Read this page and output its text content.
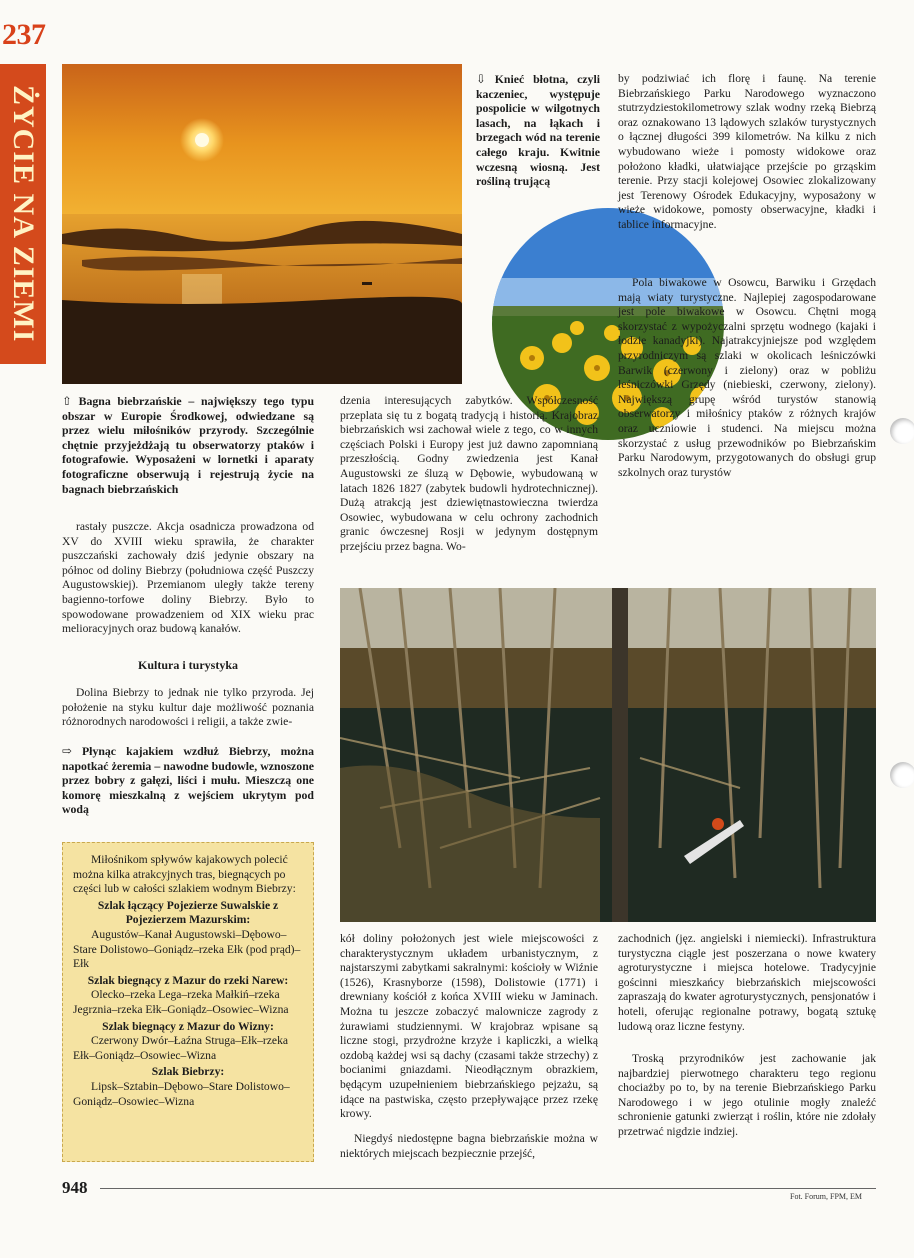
237
ŻYCIE NA ZIEMI
⇩ Knieć błotna, czyli kaczeniec, występuje pospolicie w wilgotnych lasach, na łąkach i brzegach wód na terenie całego kraju. Kwitnie wczesną wiosną. Jest rośliną trującą
⇧ Bagna biebrzańskie – największy tego typu obszar w Europie Środkowej, odwiedzane są przez wielu miłośników przyrody. Szczególnie chętnie przyjeżdżają tu obserwatorzy ptaków i fotografowie. Wyposażeni w lornetki i aparaty fotograficzne obserwują i rejestrują życie na bagnach biebrzańskich
rastały puszcze. Akcja osadnicza prowadzona od XV do XVIII wieku sprawiła, że charakter puszczański zachowały dziś jedynie obszary na północ od doliny Biebrzy (południowa część Puszczy Augustowskiej). Przemianom uległy także tereny bagienno-torfowe doliny Biebrzy. Było to spowodowane prowadzeniem od XIX wieku prac melioracyjnych oraz budową kanałów.
Kultura i turystyka
Dolina Biebrzy to jednak nie tylko przyroda. Jej położenie na styku kultur daje możliwość poznania różnorodnych narodowości i religii, a także zwie-
⇨ Płynąc kajakiem wzdłuż Biebrzy, można napotkać żeremia – nawodne budowle, wznoszone przez bobry z gałęzi, liści i mułu. Mieszczą one komorę mieszkalną z wejściem ukrytym pod wodą
dzenia interesujących zabytków. Współczesność przeplata się tu z bogatą tradycją i historią. Krajobraz biebrzańskich wsi zachował wiele z tego, co w innych częściach Polski i Europy jest już dawno zapomnianą przeszłością. Godny zwiedzenia jest Kanał Augustowski ze śluzą w Dębowie, wybudowaną w latach 1826 1827 (zabytek budowli hydrotechnicznej). Dużą atrakcją jest dziewiętnastowieczna twierdza Osowiec, wybudowana w celu ochrony zachodnich granic ówczesnej Rosji w jedynym dostępnym przejściu przez bagna. Wo-
by podziwiać ich florę i faunę. Na terenie Biebrzańskiego Parku Narodowego wyznaczono stutrzydziestokilometrowy szlak wodny rzeką Biebrzą oraz oznakowano 13 lądowych szlaków turystycznych o łącznej długości 399 kilometrów. Na kilku z nich wybudowano wieże i pomosty widokowe oraz położono kładki, ułatwiające przejście po grząskim terenie. Przy stacji kolejowej Osowiec zlokalizowany jest Terenowy Ośrodek Edukacyjny, wyposażony w wieże widokowe, pomosty obserwacyjne, kładki i tablice informacyjne.
Pola biwakowe w Osowcu, Barwiku i Grzędach mają wiaty turystyczne. Najlepiej zagospodarowane jest pole biwakowe w Osowcu. Chętni mogą skorzystać z wypożyczalni sprzętu wodnego (kajaki i łodzie kanadyjki). Najatrakcyjniejsze pod względem przyrodniczym są szlaki w okolicach leśniczówki Barwik (czerwony i zielony) oraz w pobliżu leśniczówki Grzędy (niebieski, czerwony, zielony). Największą grupę wśród turystów stanowią obserwatorzy i miłośnicy ptaków z różnych krajów oraz uczniowie i studenci. Na miejscu można skorzystać z usług przewodników po Biebrzańskim Parku Narodowym, przygotowanych do obsługi grup szkolnych oraz turystów

Miłośnikom spływów kajakowych polecić można kilka atrakcyjnych tras, biegnących po części lub w całości szlakiem wodnym Biebrzy:

Szlak łączący Pojezierze Suwalskie z Pojezierzem Mazurskim:

Augustów–Kanał Augustowski–Dębowo–Stare Dolistowo–Goniądz–rzeka Ełk (pod prąd)–Ełk

Szlak biegnący z Mazur do rzeki Narew:

Olecko–rzeka Lega–rzeka Małkiń–rzeka Jegrznia–rzeka Ełk–Goniądz–Osowiec–Wizna

Szlak biegnący z Mazur do Wizny:

Czerwony Dwór–Łaźna Struga–Ełk–rzeka Ełk–Goniądz–Osowiec–Wizna

Szlak Biebrzy:

Lipsk–Sztabin–Dębowo–Stare Dolistowo–Goniądz–Osowiec–Wizna

kół doliny położonych jest wiele miejscowości z charakterystycznym układem urbanistycznym, z najstarszymi zabytkami sakralnymi: kościoły w Wiźnie (1526), Krasnyborze (1598), Dolistowie (1771) i drewniany kościół z końca XVIII wieku w Jaminach. Można tu jeszcze zobaczyć malownicze zagrody z żurawiami studziennymi. W krajobraz wpisane są liczne stogi, przydrożne krzyże i kapliczki, a wielką ozdobą każdej wsi są dachy (czasami także strzechy) z bocianimi gniazdami. Nieodłącznym obrazkiem, będącym uzupełnieniem biebrzańskiego pejzażu, są idące na pastwiska, często przepływające przez rzekę krowy.
Niegdyś niedostępne bagna biebrzańskie można w niektórych miejscach bezpiecznie przejść,
zachodnich (jęz. angielski i niemiecki). Infrastruktura turystyczna ciągle jest poszerzana o nowe kwatery agroturystyczne i miejsca hotelowe. Tradycyjnie gościnni mieszkańcy biebrzańskich miejscowości zapraszają do kwater agroturystycznych, pensjonatów i hoteli, oferując regionalne potrawy, bogatą sztukę ludową oraz liczne festyny.
Troską przyrodników jest zachowanie jak najbardziej pierwotnego charakteru tego regionu chociażby po to, by na terenie Biebrzańskiego Parku Narodowego i w jego otulinie mogły znaleźć schronienie gatunki zwierząt i roślin, które nie zdołały przetrwać nigdzie indziej.
948	Fot. Forum, FPM, EM
